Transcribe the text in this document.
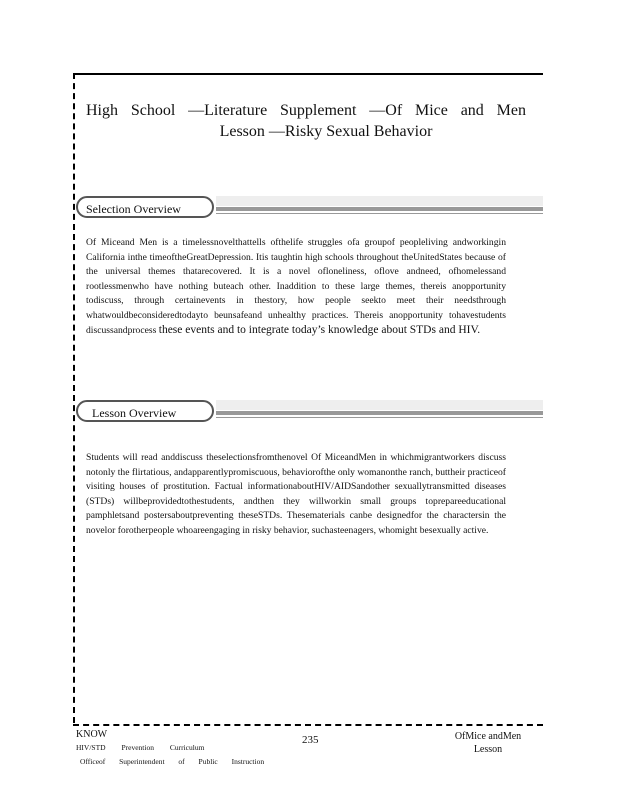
High School —Literature Supplement —Of Mice and Men
Lesson —Risky Sexual Behavior
Selection Overview
Of Miceand Men is a timelessnovelthattells ofthelife struggles ofa groupof peopleliving andworkingin California inthe timeoftheGreatDepression. Itis taughtin high schools throughout theUnitedStates because of the universal themes thatarecovered. It is a novel ofloneliness, oflove andneed, ofhomelessand rootlessmenwho have nothing buteach other. Inaddition to these large themes, thereis anopportunity todiscuss, through certainevents in thestory, how people seekto meet their needsthrough whatwouldbeconsideredtodayto beunsafeand unhealthy practices. Thereis anopportunity tohavestudents discussandprocess these events and to integrate today’s knowledge about STDs and HIV.
Lesson Overview
Students will read anddiscuss theselectionsfromthenovel Of MiceandMen in whichmigrantworkers discuss notonly the flirtatious, andapparentlypromiscuous, behaviorofthe only womanonthe ranch, buttheir practiceof visiting houses of prostitution. Factual informationaboutHIV/AIDSandother sexuallytransmitted diseases (STDs) willbeprovidedtothestudents, andthen they willworkin small groups toprepareeducational pamphletsand postersaboutpreventing theseSTDs. Thesematerials canbe designedfor the charactersin the novelor forotherpeople whoareengaging in risky behavior, suchasteenagers, whomight besexually active.
KNOW
HIV/STD Prevention Curriculum
Officeof Superintendent of Public Instruction
235	OfMice andMen
Lesson
